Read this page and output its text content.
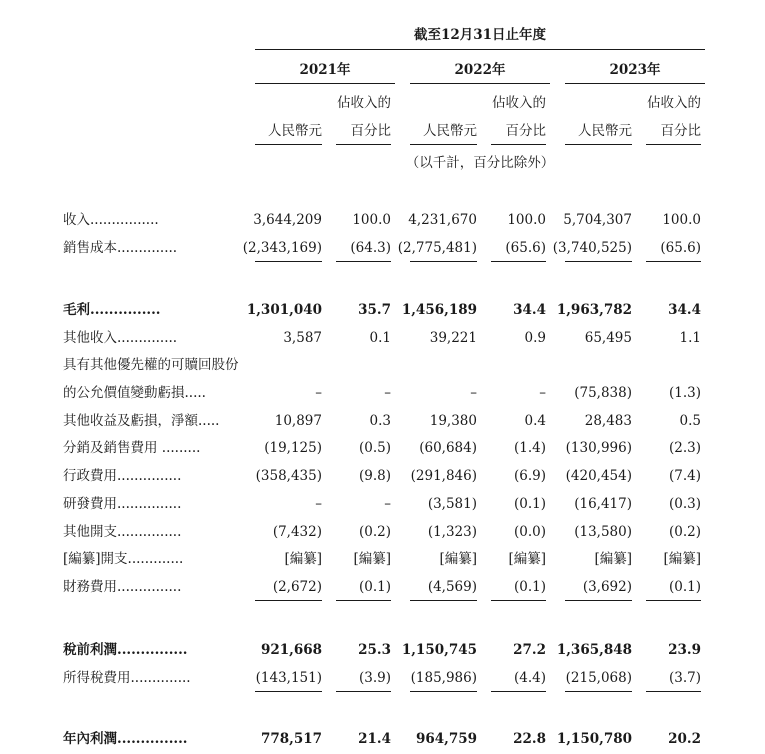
截至12月31日止年度
2021年	2022年	2023年
佔收入的	佔收入的	佔收入的
人民幣元	百分比	人民幣元	百分比	人民幣元	百分比
（以千計，百分比除外）
收入................	3,644,209	100.0	4,231,670	100.0	5,704,307	100.0
銷售成本..............	(2,343,169)	(64.3) (2,775,481)	(65.6) (3,740,525)	(65.6)
毛利...............	1,301,040	35.7 1,456,189	34.4 1,963,782	34.4
其他收入..............	3,587	0.1	39,221	0.9	65,495	1.1
具有其他優先權的可贖回股份
的公允價值變動虧損.....	–	–	–	–	(75,838)	(1.3)
其他收益及虧損，淨額.....	10,897	0.3	19,380	0.4	28,483	0.5
分銷及銷售費用 .........	(19,125)	(0.5)	(60,684)	(1.4)	(130,996)	(2.3)
行政費用...............	(358,435)	(9.8)	(291,846)	(6.9)	(420,454)	(7.4)
研發費用...............	–	–	(3,581)	(0.1)	(16,417)	(0.3)
其他開支...............	(7,432)	(0.2)	(1,323)	(0.0)	(13,580)	(0.2)
[編纂]開支.............	[編纂]	[編纂]	[編纂]	[編纂]	[編纂]	[編纂]
財務費用...............	(2,672)	(0.1)	(4,569)	(0.1)	(3,692)	(0.1)
稅前利潤...............	921,668	25.3 1,150,745	27.2 1,365,848	23.9
所得稅費用..............	(143,151)	(3.9)	(185,986)	(4.4)	(215,068)	(3.7)
年內利潤...............	778,517	21.4	964,759	22.8 1,150,780	20.2
